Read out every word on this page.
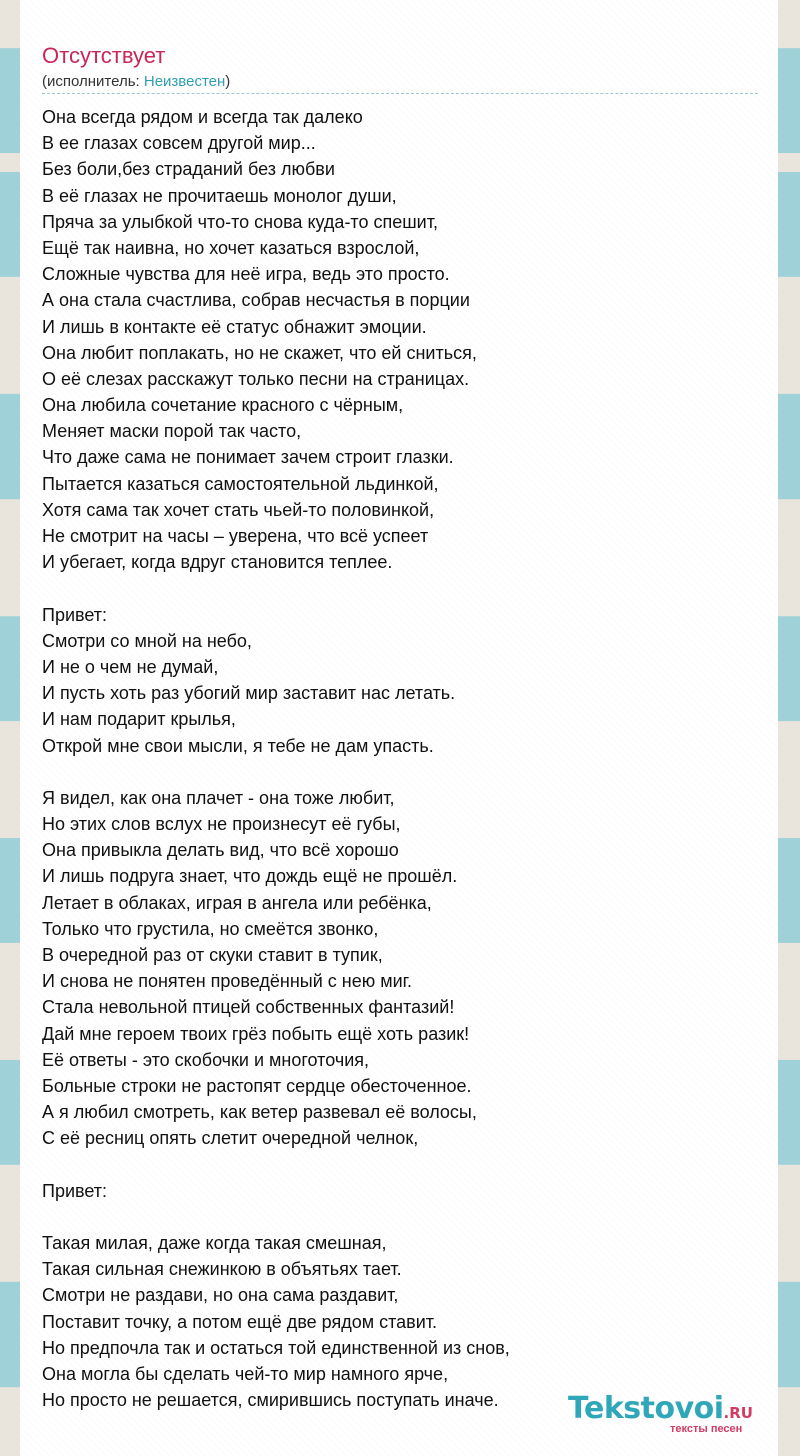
Отсутствует
(исполнитель: Неизвестен)
Она всегда рядом и всегда так далеко
В ее глазах совсем другой мир...
Без боли,без страданий без любви
В её глазах не прочитаешь монолог души,
Пряча за улыбкой что-то снова куда-то спешит,
Ещё так наивна, но хочет казаться взрослой,
Сложные чувства для неё игра, ведь это просто.
А она стала счастлива, собрав несчастья в порции
И лишь в контакте её статус обнажит эмоции.
Она любит поплакать, но не скажет, что ей сниться,
О её слезах расскажут только песни на страницах.
Она любила сочетание красного с чёрным,
Меняет маски порой так часто,
Что даже сама не понимает зачем строит глазки.
Пытается казаться самостоятельной льдинкой,
Хотя сама так хочет стать чьей-то половинкой,
Не смотрит на часы – уверена, что всё успеет
И убегает, когда вдруг становится теплее.
Привет:
Смотри со мной на небо,
И не о чем не думай,
И пусть хоть раз убогий мир заставит нас летать.
И нам подарит крылья,
Открой мне свои мысли, я тебе не дам упасть.
Я видел, как она плачет - она тоже любит,
Но этих слов вслух не произнесут её губы,
Она привыкла делать вид, что всё хорошо
И лишь подруга знает, что дождь ещё не прошёл.
Летает в облаках, играя в ангела или ребёнка,
Только что грустила, но смеётся звонко,
В очередной раз от скуки ставит в тупик,
И снова не понятен проведённый с нею миг.
Стала невольной птицей собственных фантазий!
Дай мне героем твоих грёз побыть ещё хоть разик!
Её ответы - это скобочки и многоточия,
Больные строки не растопят сердце обесточенное.
А я любил смотреть, как ветер развевал её волосы,
С её ресниц опять слетит очередной челнок,
Привет:
Такая милая, даже когда такая смешная,
Такая сильная снежинкою в объятьях тает.
Смотри не раздави, но она сама раздавит,
Поставит точку, а потом ещё две рядом ставит.
Но предпочла так и остаться той единственной из снов,
Она могла бы сделать чей-то мир намного ярче,
Но просто не решается, смирившись поступать иначе.	Tekstovoi.RU
тексты песен
